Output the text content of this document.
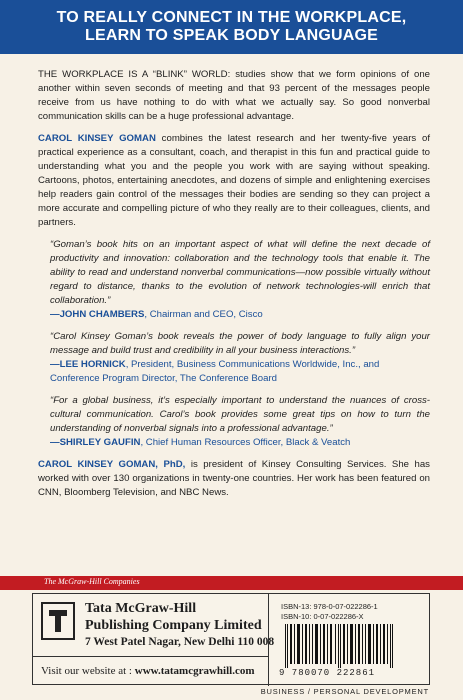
TO REALLY CONNECT IN THE WORKPLACE,
LEARN TO SPEAK BODY LANGUAGE

THE WORKPLACE IS A “BLINK” WORLD: studies show that we form opinions of one another within seven seconds of meeting and that 93 percent of the messages people receive from us have nothing to do with what we actually say. So good nonverbal communication skills can be a huge professional advantage.

CAROL KINSEY GOMAN combines the latest research and her twenty-five years of practical experience as a consultant, coach, and therapist in this fun and practical guide to understanding what you and the people you work with are saying without speaking. Cartoons, photos, entertaining anecdotes, and dozens of simple and enlightening exercises help readers gain control of the messages their bodies are sending so they can project a more accurate and compelling picture of who they really are to their colleagues, clients, and partners.

“Goman’s book hits on an important aspect of what will define the next decade of productivity and innovation: collaboration and the technology tools that enable it. The ability to read and understand nonverbal communications—now possible virtually without regard to distance, thanks to the evolution of network technologies-will enrich that collaboration.”
—JOHN CHAMBERS, Chairman and CEO, Cisco
“Carol Kinsey Goman’s book reveals the power of body language to fully align your message and build trust and credibility in all your business interactions.”
—LEE HORNICK, President, Business Communications Worldwide, Inc., and Conference Program Director, The Conference Board
“For a global business, it’s especially important to understand the nuances of cross-cultural communication. Carol’s book provides some great tips on how to turn the understanding of nonverbal signals into a professional advantage.”
—SHIRLEY GAUFIN, Chief Human Resources Officer, Black & Veatch

CAROL KINSEY GOMAN, PhD, is president of Kinsey Consulting Services. She has worked with over 130 organizations in twenty-one countries. Her work has been featured on CNN, Bloomberg Television, and NBC News.

The McGraw-Hill Companies
Tata McGraw-Hill
Publishing Company Limited
7 West Patel Nagar, New Delhi 110 008
Visit our website at : www.tatamcgrawhill.com
ISBN-13: 978-0-07-022286-1
ISBN-10: 0-07-022286-X
9 780070 222861
BUSINESS / PERSONAL DEVELOPMENT
